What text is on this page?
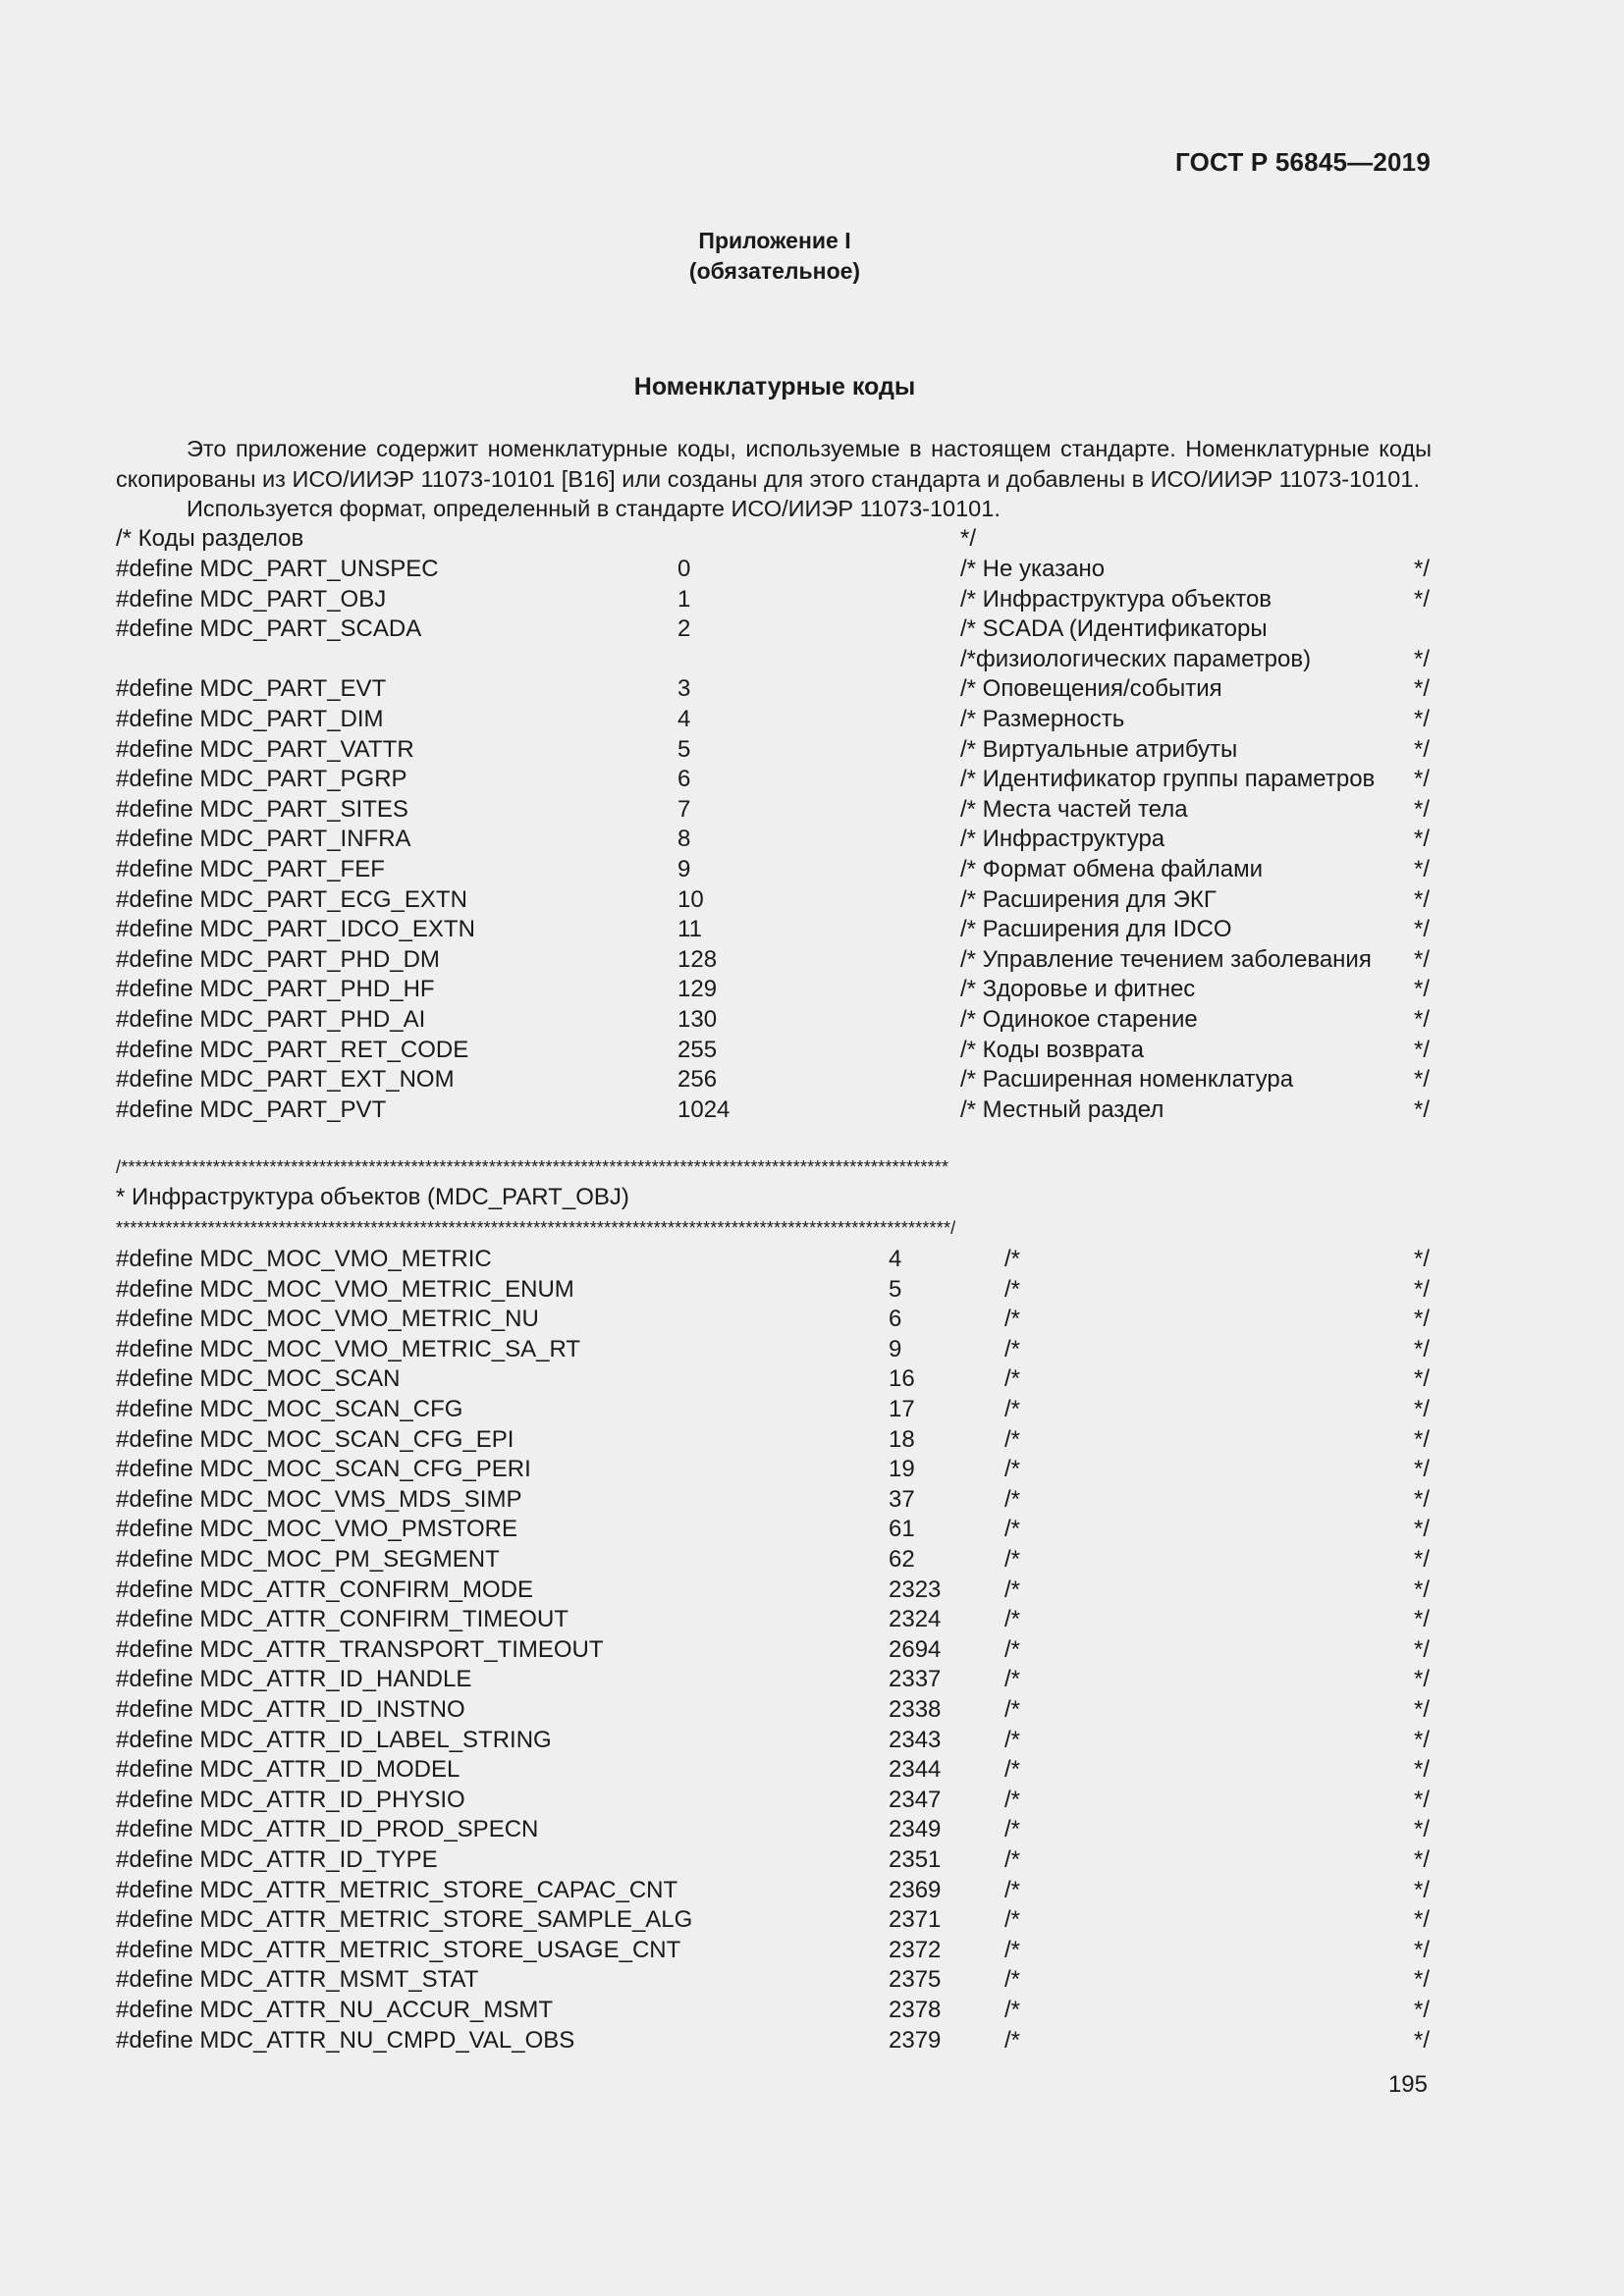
ГОСТ Р 56845—2019
Приложение I
(обязательное)
Номенклатурные коды

Это приложение содержит номенклатурные коды, используемые в настоящем стандарте. Номенклатурные коды скопированы из ИСО/ИИЭР 11073-10101 [В16] или созданы для этого стандарта и добавлены в ИСО/ИИЭР 11073-10101.

Используется формат, определенный в стандарте ИСО/ИИЭР 11073-10101.

/* Коды разделов	*/
#define MDC_PART_UNSPEC	0	/* Не указано	*/
#define MDC_PART_OBJ	1	/* Инфраструктура объектов	*/
#define MDC_PART_SCADA	2	/* SCADA (Идентификаторы
/*физиологических параметров)	*/
#define MDC_PART_EVT	3	/* Оповещения/события	*/
#define MDC_PART_DIM	4	/* Размерность	*/
#define MDC_PART_VATTR	5	/* Виртуальные атрибуты	*/
#define MDC_PART_PGRP	6	/* Идентификатор группы параметров */
#define MDC_PART_SITES	7	/* Места частей тела	*/
#define MDC_PART_INFRA	8	/* Инфраструктура	*/
#define MDC_PART_FEF	9	/* Формат обмена файлами	*/
#define MDC_PART_ECG_EXTN	10	/* Расширения для ЭКГ	*/
#define MDC_PART_IDCO_EXTN	11	/* Расширения для IDCO	*/
#define MDC_PART_PHD_DM	128	/* Управление течением заболевания */
#define MDC_PART_PHD_HF	129	/* Здоровье и фитнес	*/
#define MDC_PART_PHD_AI	130	/* Одинокое старение	*/
#define MDC_PART_RET_CODE	255	/* Коды возврата	*/
#define MDC_PART_EXT_NOM	256	/* Расширенная номенклатура	*/
#define MDC_PART_PVT	1024	/* Местный раздел	*/
/*********************************************************************************************************************
* Инфраструктура объектов (MDC_PART_OBJ)
**********************************************************************************************************************/
#define MDC_MOC_VMO_METRIC	4	/*	*/
#define MDC_MOC_VMO_METRIC_ENUM	5	/*	*/
#define MDC_MOC_VMO_METRIC_NU	6	/*	*/
#define MDC_MOC_VMO_METRIC_SA_RT	9	/*	*/
#define MDC_MOC_SCAN	16	/*	*/
#define MDC_MOC_SCAN_CFG	17	/*	*/
#define MDC_MOC_SCAN_CFG_EPI	18	/*	*/
#define MDC_MOC_SCAN_CFG_PERI	19	/*	*/
#define MDC_MOC_VMS_MDS_SIMP	37	/*	*/
#define MDC_MOC_VMO_PMSTORE	61	/*	*/
#define MDC_MOC_PM_SEGMENT	62	/*	*/
#define MDC_ATTR_CONFIRM_MODE	2323	/*	*/
#define MDC_ATTR_CONFIRM_TIMEOUT	2324	/*	*/
#define MDC_ATTR_TRANSPORT_TIMEOUT	2694	/*	*/
#define MDC_ATTR_ID_HANDLE	2337	/*	*/
#define MDC_ATTR_ID_INSTNO	2338	/*	*/
#define MDC_ATTR_ID_LABEL_STRING	2343	/*	*/
#define MDC_ATTR_ID_MODEL	2344	/*	*/
#define MDC_ATTR_ID_PHYSIO	2347	/*	*/
#define MDC_ATTR_ID_PROD_SPECN	2349	/*	*/
#define MDC_ATTR_ID_TYPE	2351	/*	*/
#define MDC_ATTR_METRIC_STORE_CAPAC_CNT	2369	/*	*/
#define MDC_ATTR_METRIC_STORE_SAMPLE_ALG	2371	/*	*/
#define MDC_ATTR_METRIC_STORE_USAGE_CNT	2372	/*	*/
#define MDC_ATTR_MSMT_STAT	2375	/*	*/
#define MDC_ATTR_NU_ACCUR_MSMT	2378	/*	*/
#define MDC_ATTR_NU_CMPD_VAL_OBS	2379	/*	*/
195
